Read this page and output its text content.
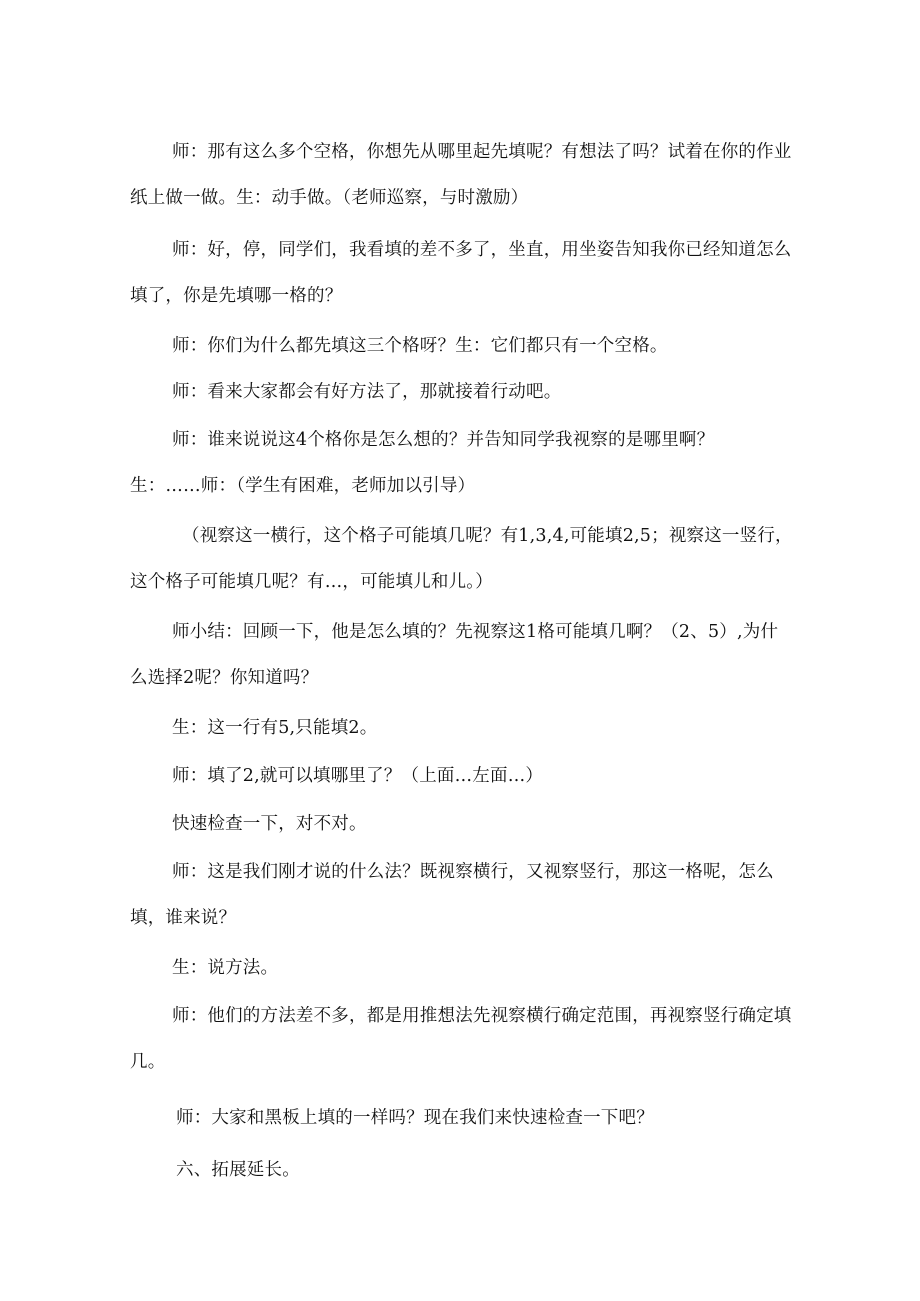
师：那有这么多个空格，你想先从哪里起先填呢？有想法了吗？试着在你的作业
纸上做一做。生：动手做。（老师巡察，与时激励）
师：好，停，同学们，我看填的差不多了，坐直，用坐姿告知我你已经知道怎么
填了，你是先填哪一格的？
师：你们为什么都先填这三个格呀？生：它们都只有一个空格。
师：看来大家都会有好方法了，那就接着行动吧。
师：谁来说说这4个格你是怎么想的？并告知同学我视察的是哪里啊？
生：……师：（学生有困难，老师加以引导）
（视察这一横行，这个格子可能填几呢？有1,3,4,可能填2,5；视察这一竖行，
这个格子可能填几呢？有…，可能填儿和儿。）
师小结：回顾一下，他是怎么填的？先视察这1格可能填几啊？（2、5）,为什
么选择2呢？你知道吗？
生：这一行有5,只能填2。
师：填了2,就可以填哪里了？（上面…左面…）
快速检查一下，对不对。
师：这是我们刚才说的什么法？既视察横行，又视察竖行，那这一格呢，怎么
填，谁来说？
生：说方法。
师：他们的方法差不多，都是用推想法先视察横行确定范围，再视察竖行确定填
几。
师：大家和黑板上填的一样吗？现在我们来快速检查一下吧？
六、拓展延长。
